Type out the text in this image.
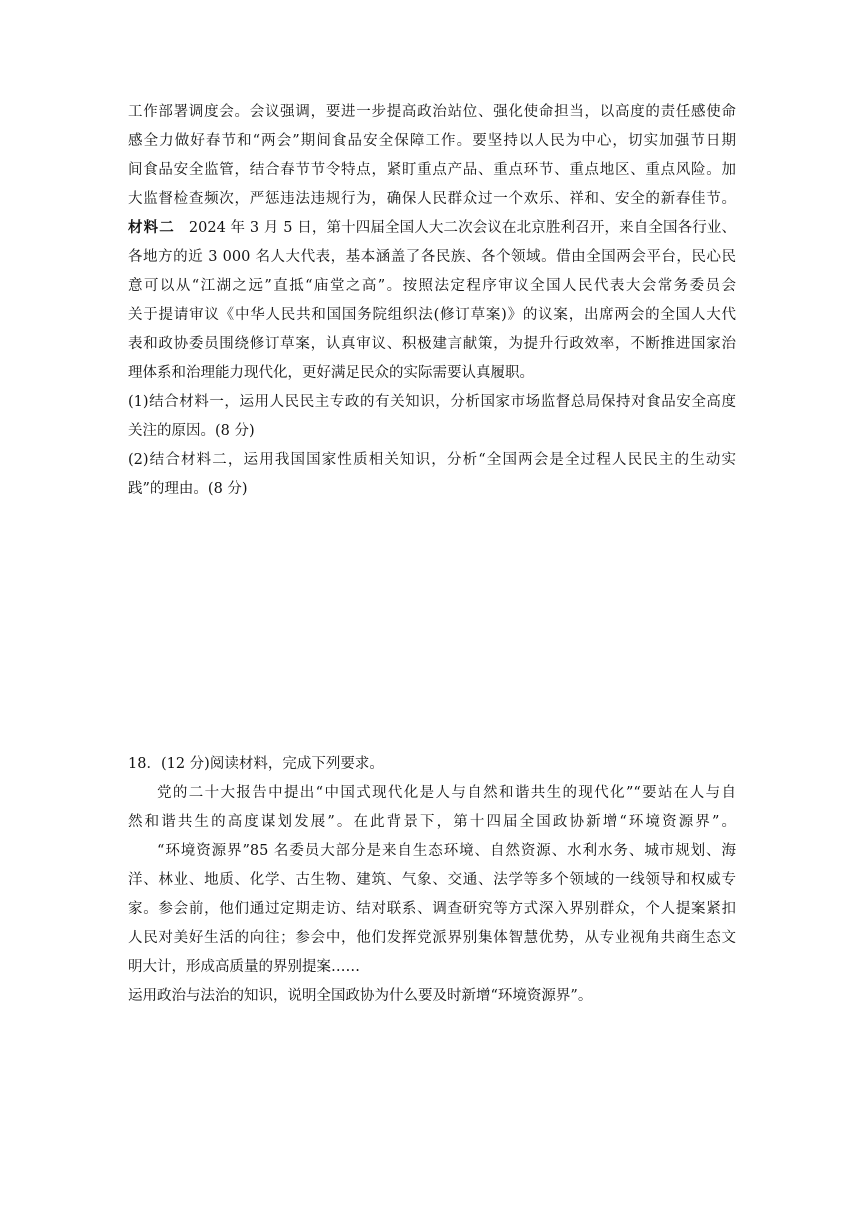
工作部署调度会。会议强调，要进一步提高政治站位、强化使命担当，以高度的责任感使命
感全力做好春节和“两会”期间食品安全保障工作。要坚持以人民为中心，切实加强节日期
间食品安全监管，结合春节节令特点，紧盯重点产品、重点环节、重点地区、重点风险。加
大监督检查频次，严惩违法违规行为，确保人民群众过一个欢乐、祥和、安全的新春佳节。
材料二 2024 年 3 月 5 日，第十四届全国人大二次会议在北京胜利召开，来自全国各行业、
各地方的近 3 000 名人大代表，基本涵盖了各民族、各个领域。借由全国两会平台，民心民
意可以从“江湖之远”直抵“庙堂之高”。按照法定程序审议全国人民代表大会常务委员会
关于提请审议《中华人民共和国国务院组织法(修订草案)》的议案，出席两会的全国人大代
表和政协委员围绕修订草案，认真审议、积极建言献策，为提升行政效率，不断推进国家治
理体系和治理能力现代化，更好满足民众的实际需要认真履职。
(1)结合材料一，运用人民民主专政的有关知识，分析国家市场监督总局保持对食品安全高度
关注的原因。(8 分)
(2)结合材料二，运用我国国家性质相关知识，分析“全国两会是全过程人民民主的生动实
践”的理由。(8 分)
18．(12 分)阅读材料，完成下列要求。
党的二十大报告中提出“中国式现代化是人与自然和谐共生的现代化”“要站在人与自
然和谐共生的高度谋划发展”。在此背景下，第十四届全国政协新增“环境资源界”。
“环境资源界”85 名委员大部分是来自生态环境、自然资源、水利水务、城市规划、海
洋、林业、地质、化学、古生物、建筑、气象、交通、法学等多个领域的一线领导和权威专
家。参会前，他们通过定期走访、结对联系、调查研究等方式深入界别群众，个人提案紧扣
人民对美好生活的向往；参会中，他们发挥党派界别集体智慧优势，从专业视角共商生态文
明大计，形成高质量的界别提案……
运用政治与法治的知识，说明全国政协为什么要及时新增“环境资源界”。
